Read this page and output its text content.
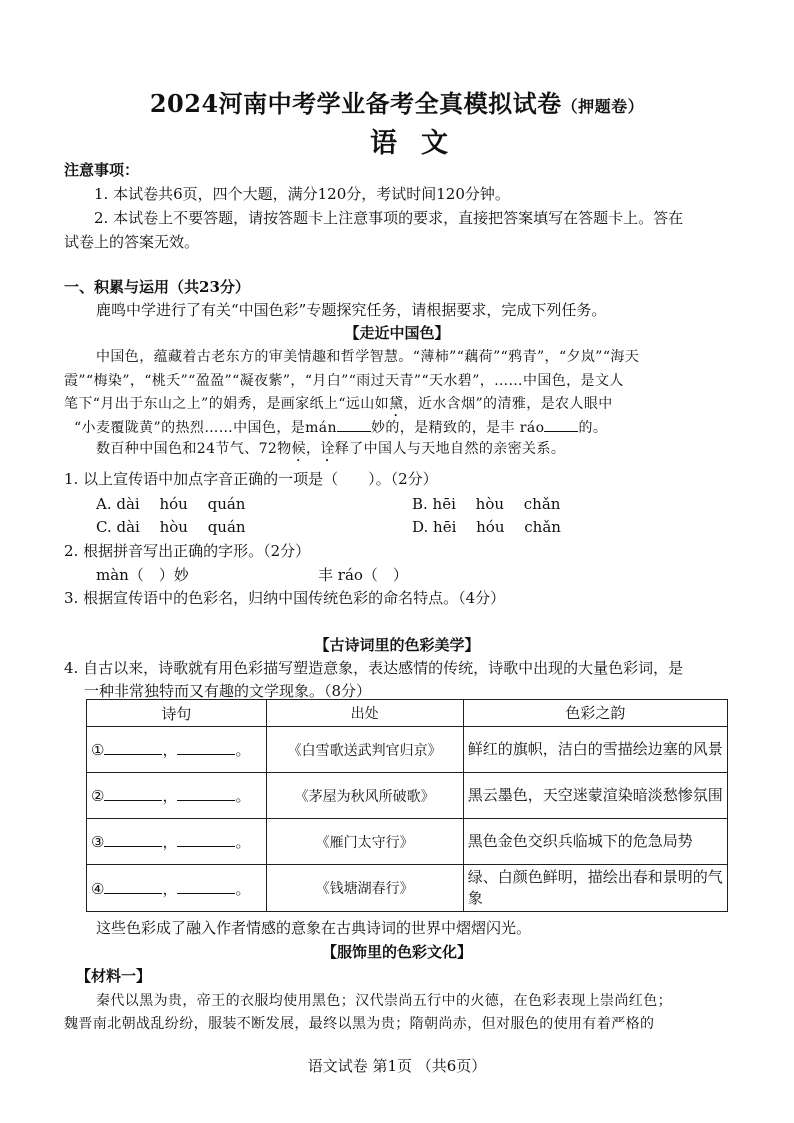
2024河南中考学业备考全真模拟试卷（押题卷）
语文
注意事项：
1. 本试卷共6页，四个大题，满分120分，考试时间120分钟。
2. 本试卷上不要答题，请按答题卡上注意事项的要求，直接把答案填写在答题卡上。答在
试卷上的答案无效。
一、积累与运用（共23分）
鹿鸣中学进行了有关“中国色彩”专题探究任务，请根据要求，完成下列任务。
【走近中国色】
中国色，蕴藏着古老东方的审美情趣和哲学智慧。“薄柿”“藕荷”“鸦青”，“夕岚”“海天
霞”“梅染”，“桃夭”“盈盈”“凝夜紫”，“月白”“雨过天青”“天水碧”，……中国色，是文人
笔下“月出于东山之上”的娟秀，是画家纸上“远山如黛，近水含烟”的清雅，是农人眼中
“小麦覆陇黄”的热烈……中国色，是mán 妙的，是精致的，是丰 ráo 的。
数百种中国色和24节气、72物候，诠释了中国人与天地自然的亲密关系。
1. 以上宣传语中加点字音正确的一项是（　　）。（2分）
A. dài　 hóu　 quán	B. hēi　 hòu　 chǎn
C. dài　 hòu　 quán	D. hēi　 hóu　 chǎn
2. 根据拼音写出正确的字形。（2分）
màn（　）妙	丰 ráo（　）
3. 根据宣传语中的色彩名，归纳中国传统色彩的命名特点。（4分）
【古诗词里的色彩美学】
4. 自古以来，诗歌就有用色彩描写塑造意象，表达感情的传统，诗歌中出现的大量色彩词，是
一种非常独特而又有趣的文学现象。（8分）
诗句	出处	色彩之韵
① ， 。	《白雪歌送武判官归京》	鲜红的旗帜，洁白的雪描绘边塞的风景
② ， 。	《茅屋为秋风所破歌》	黑云墨色，天空迷蒙渲染暗淡愁惨氛围
③ ， 。	《雁门太守行》	黑色金色交织兵临城下的危急局势
④ ， 。	《钱塘湖春行》	绿、白颜色鲜明，描绘出春和景明的气象
这些色彩成了融入作者情感的意象在古典诗词的世界中熠熠闪光。
【服饰里的色彩文化】
【材料一】
秦代以黑为贵，帝王的衣服均使用黑色；汉代崇尚五行中的火德，在色彩表现上崇尚红色；
魏晋南北朝战乱纷纷，服装不断发展，最终以黑为贵；隋朝尚赤，但对服色的使用有着严格的
语文试卷 第1页 （共6页）
